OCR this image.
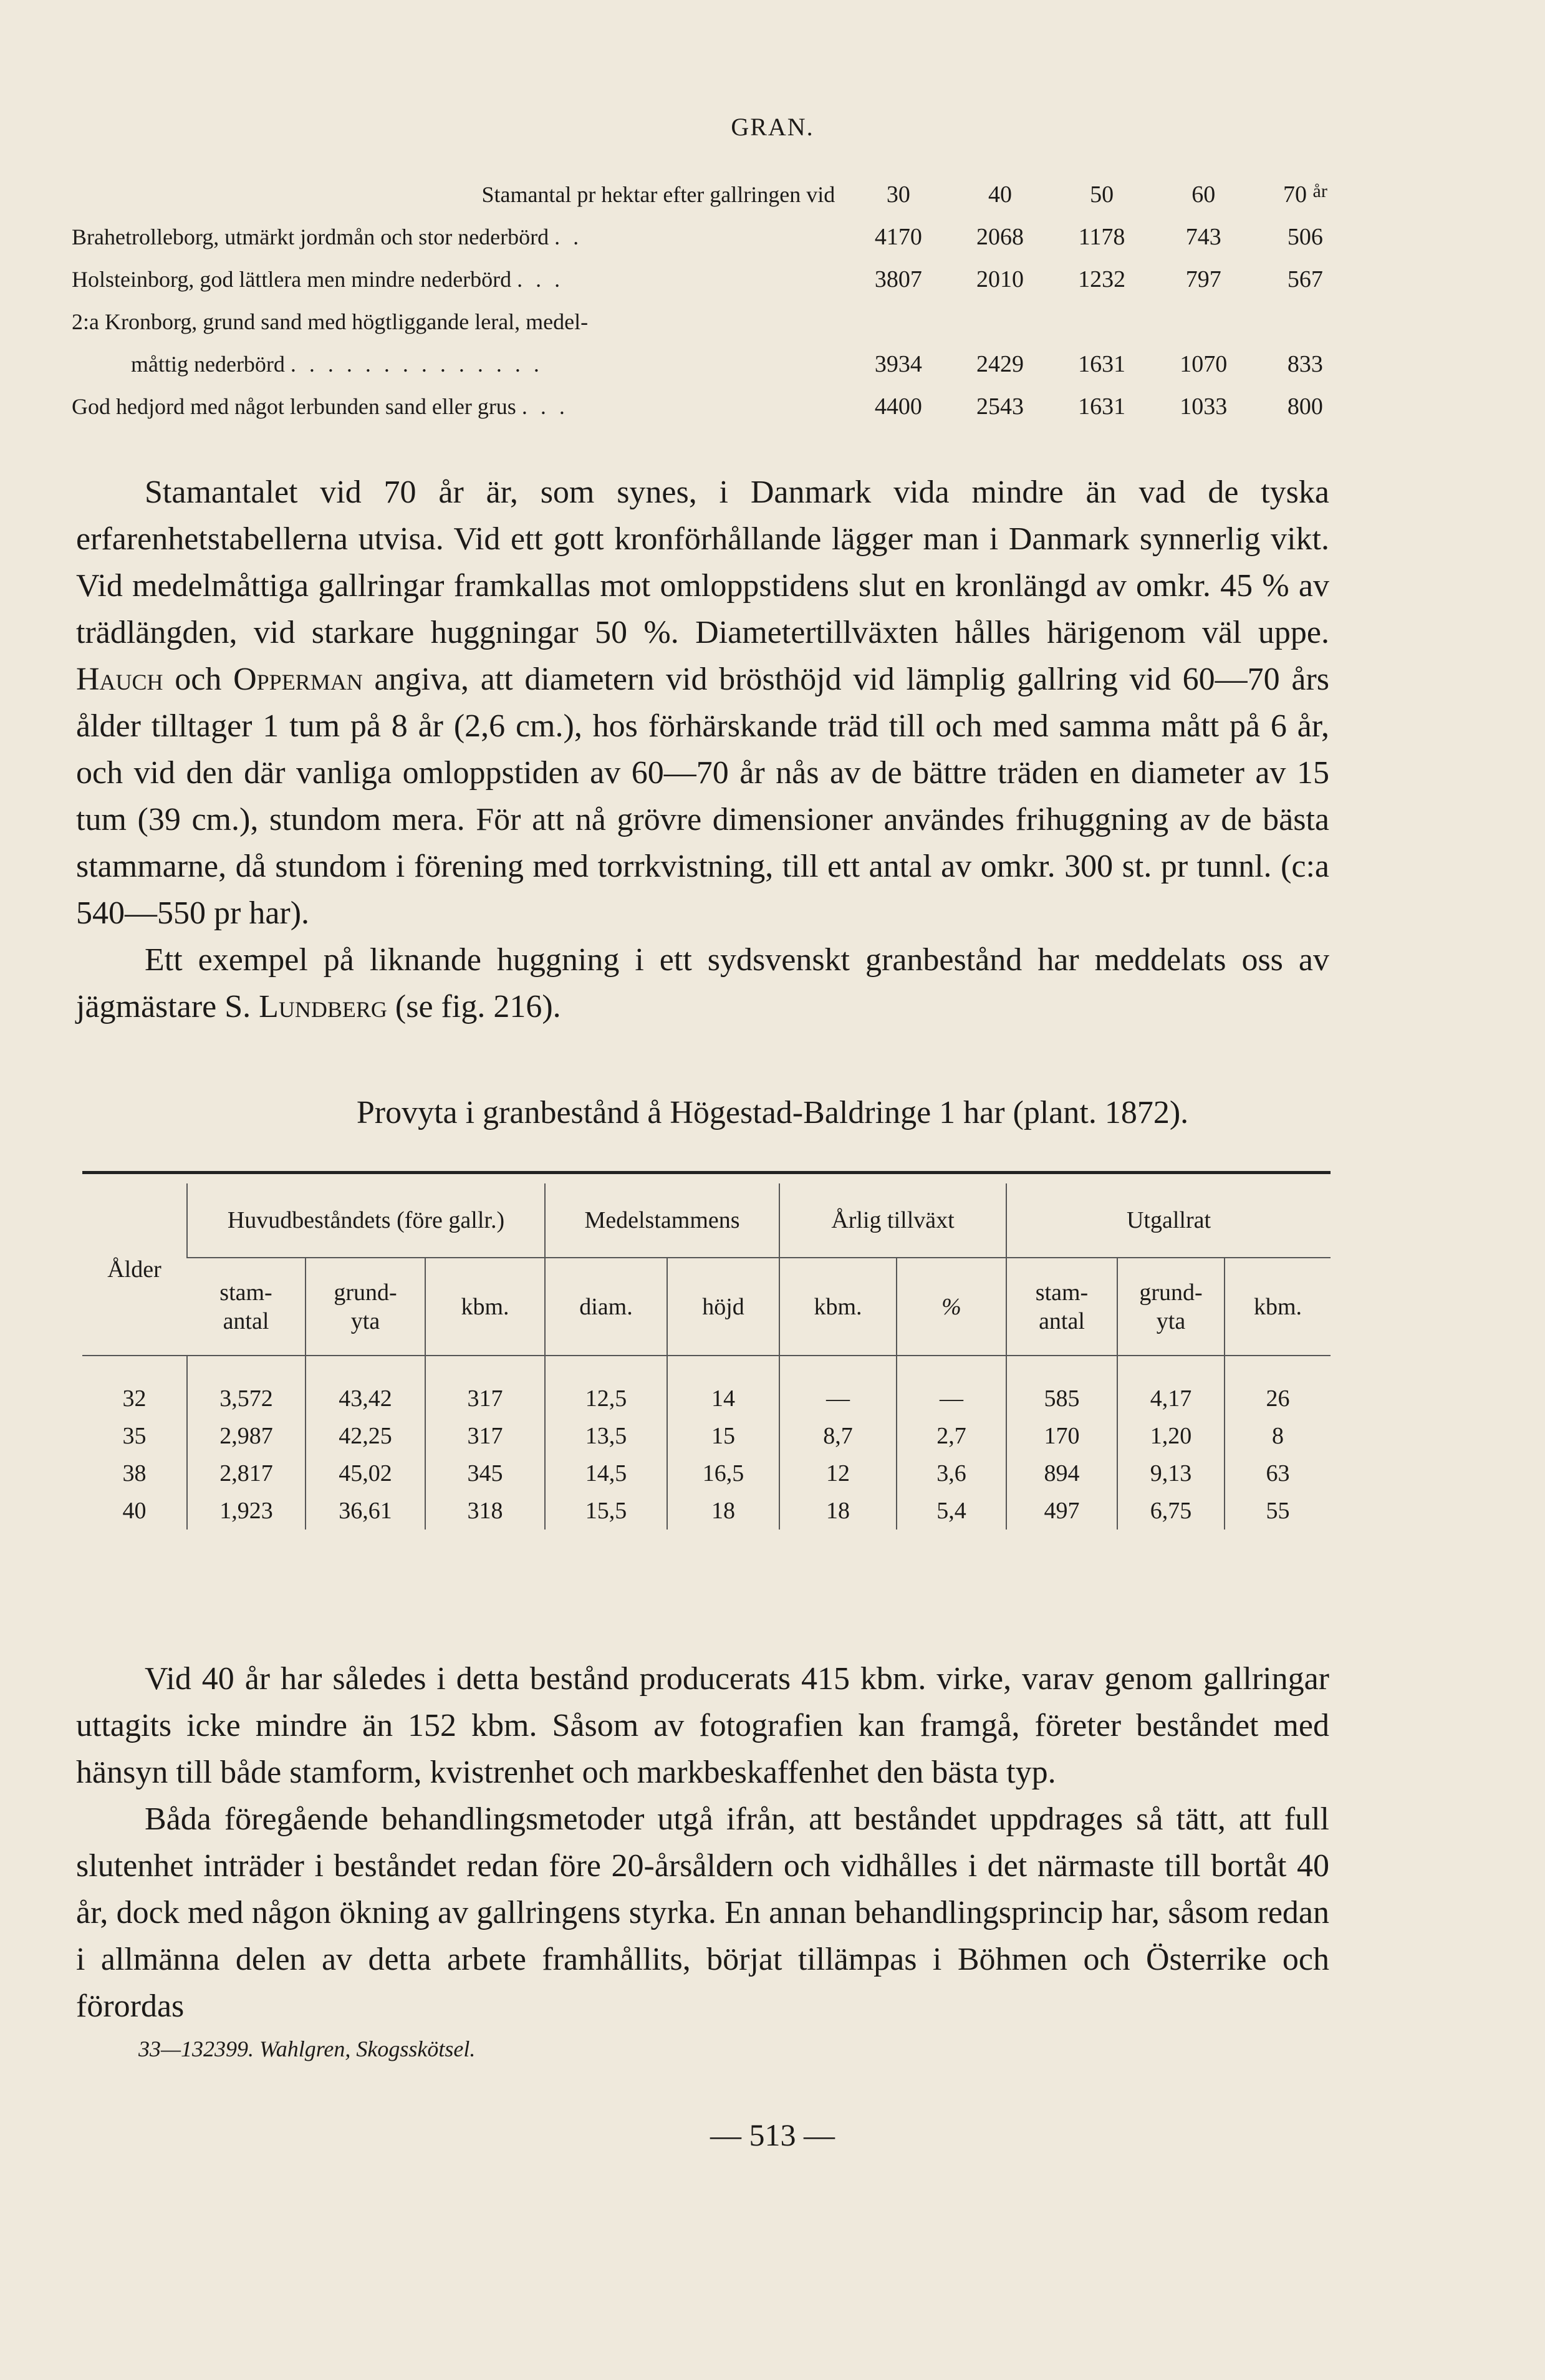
GRAN.
Stamantal pr hektar efter gallringen vid	30	40	50	60	70 $^{år}$
Brahetrolleborg, utmärkt jordmån och stor nederbörd . .	4170	2068	1178	743	506
Holsteinborg, god lättlera men mindre nederbörd . . .	3807	2010	1232	797	567
2:a Kronborg, grund sand med högtliggande leral, medel-					
måttig nederbörd . . . . . . . . . . . . . .	3934	2429	1631	1070	833
God hedjord med något lerbunden sand eller grus . . .	4400	2543	1631	1033	800

Stamantalet vid 70 år är, som synes, i Danmark vida mindre än vad de tyska erfarenhetstabellerna utvisa. Vid ett gott kronförhållande lägger man i Danmark synnerlig vikt. Vid medelmåttiga gallringar framkallas mot omloppstidens slut en kronlängd av omkr. 45 % av trädlängden, vid starkare huggningar 50 %. Diametertillväxten hålles härigenom väl uppe. Hauch och Opperman angiva, att diametern vid brösthöjd vid lämplig gallring vid 60—70 års ålder tilltager 1 tum på 8 år (2,6 cm.), hos förhärskande träd till och med samma mått på 6 år, och vid den där vanliga omloppstiden av 60—70 år nås av de bättre träden en diameter av 15 tum (39 cm.), stundom mera. För att nå grövre dimensioner användes frihuggning av de bästa stammarne, då stundom i förening med torrkvistning, till ett antal av omkr. 300 st. pr tunnl. (c:a 540—550 pr har).

Ett exempel på liknande huggning i ett sydsvenskt granbestånd har meddelats oss av jägmästare S. Lundberg (se fig. 216).

Provyta i granbestånd å Högestad-Baldringe 1 har (plant. 1872).
Ålder	Huvudbeståndets (före gallr.)			Medelstammens		Årlig tillväxt		Utgallrat		
	stam-antal	grund-yta	kbm.	diam.	höjd	kbm.	%	stam-antal	grund-yta	kbm.

32	3,572	43,42	317	12,5	14	—	—	585	4,17	26
35	2,987	42,25	317	13,5	15	8,7	2,7	170	1,20	8
38	2,817	45,02	345	14,5	16,5	12	3,6	894	9,13	63
40	1,923	36,61	318	15,5	18	18	5,4	497	6,75	55

Vid 40 år har således i detta bestånd producerats 415 kbm. virke, varav genom gallringar uttagits icke mindre än 152 kbm. Såsom av fotografien kan framgå, företer beståndet med hänsyn till både stamform, kvistrenhet och markbeskaffenhet den bästa typ.

Båda föregående behandlingsmetoder utgå ifrån, att beståndet uppdrages så tätt, att full slutenhet inträder i beståndet redan före 20-årsåldern och vidhålles i det närmaste till bortåt 40 år, dock med någon ökning av gallringens styrka. En annan behandlingsprincip har, såsom redan i allmänna delen av detta arbete framhållits, börjat tillämpas i Böhmen och Österrike och förordas

33—132399. Wahlgren, Skogsskötsel.
— 513 —
